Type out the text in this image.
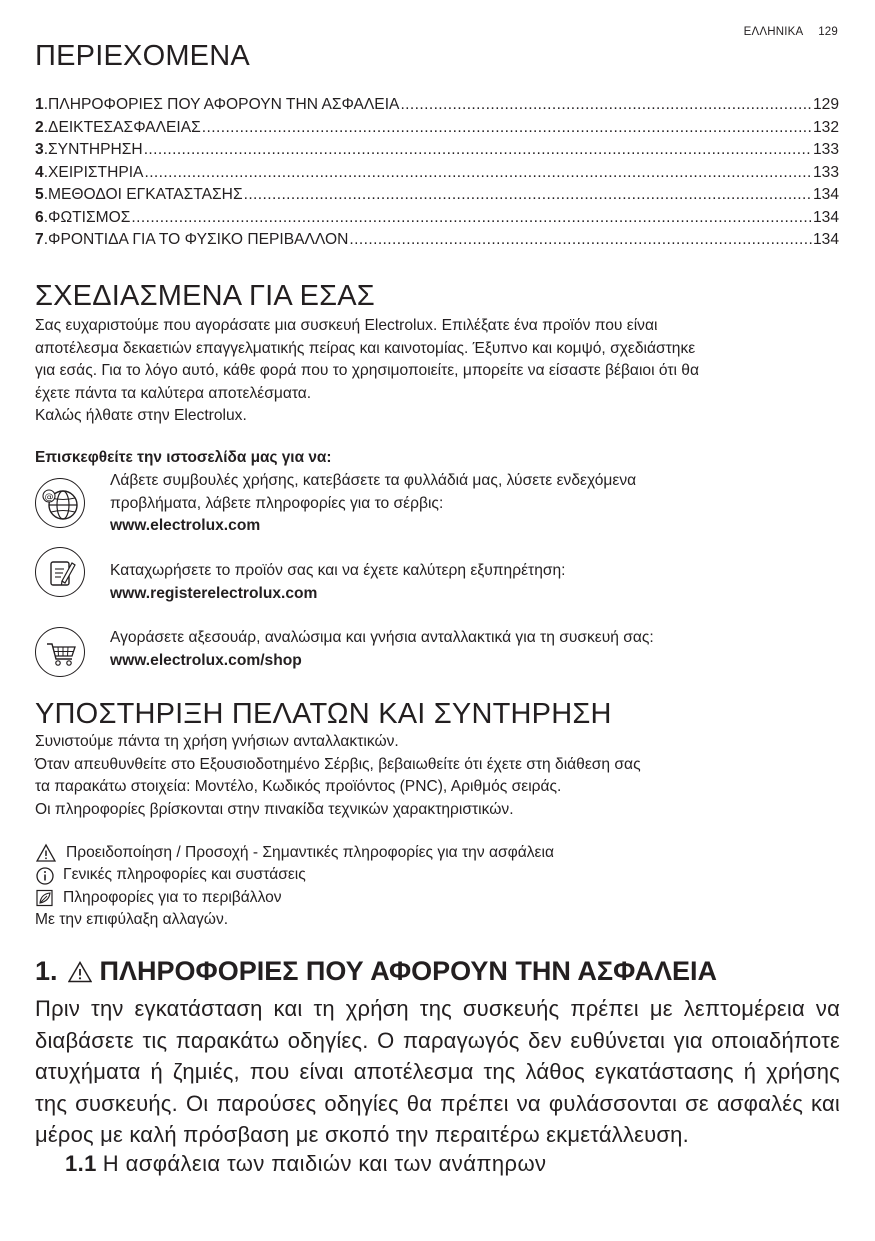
ΕΛΛΗΝΙΚΑ 129
ΠΕΡΙΕΧΟΜΕΝΑ
1 . ΠΛΗΡΟΦΟΡΙΕΣ ΠΟΥ ΑΦΟΡΟΥΝ ΤΗΝ ΑΣΦΑΛΕΙΑ .....	129
2 . ΔΕΙΚΤΕΣΑΣΦΑΛΕΙΑΣ .....	132
3 . ΣΥΝΤΗΡΗΣΗ .....	133
4 . ΧΕΙΡΙΣΤΗΡΙΑ .....	133
5 . ΜΕΘΟΔΟΙ ΕΓΚΑΤΑΣΤΑΣΗΣ .....	134
6 . ΦΩΤΙΣΜΟΣ .....	134
7 . ΦΡΟΝΤΙΔΑ ΓΙΑ ΤΟ ΦΥΣΙΚΟ ΠΕΡΙΒΑΛΛΟΝ .....	134
ΣΧΕΔΙΑΣΜΕΝΑ ΓΙΑ ΕΣΑΣ

Σας ευχαριστούμε που αγοράσατε μια συσκευή Electrolux. Επιλέξατε ένα προϊόν που είναι

αποτέλεσμα δεκαετιών επαγγελματικής πείρας και καινοτομίας. Έξυπνο και κομψό, σχεδιάστηκε

για εσάς. Για το λόγο αυτό, κάθε φορά που το χρησιμοποιείτε, μπορείτε να είσαστε βέβαιοι ότι θα

έχετε πάντα τα καλύτερα αποτελέσματα.

Καλώς ήλθατε στην Electrolux.

Επισκεφθείτε την ιστοσελίδα μας για να:
@
Λάβετε συμβουλές χρήσης, κατεβάσετε τα φυλλάδιά μας, λύσετε ενδεχόμενα
προβλήματα, λάβετε πληροφορίες για το σέρβις:
www.electrolux.com
Καταχωρήσετε το προϊόν σας και να έχετε καλύτερη εξυπηρέτηση:
www.registerelectrolux.com
Αγοράσετε αξεσουάρ, αναλώσιμα και γνήσια ανταλλακτικά για τη συσκευή σας:
www.electrolux.com/shop
ΥΠΟΣΤΗΡΙΞΗ ΠΕΛΑΤΩΝ ΚΑΙ ΣΥΝΤΗΡΗΣΗ

Συνιστούμε πάντα τη χρήση γνήσιων ανταλλακτικών.

Όταν απευθυνθείτε στο Εξουσιοδοτημένο Σέρβις, βεβαιωθείτε ότι έχετε στη διάθεση σας

τα παρακάτω στοιχεία: Μοντέλο, Κωδικός προϊόντος (PNC), Αριθμός σειράς.

Οι πληροφορίες βρίσκονται στην πινακίδα τεχνικών χαρακτηριστικών.

Προειδοποίηση / Προσοχή - Σημαντικές πληροφορίες για την ασφάλεια
Γενικές πληροφορίες και συστάσεις
Πληροφορίες για το περιβάλλον
Με την επιφύλαξη αλλαγών.
1. ΠΛΗΡΟΦΟΡΙΕΣ ΠΟΥ ΑΦΟΡΟΥΝ ΤΗΝ ΑΣΦΑΛΕΙΑ

Πριν την εγκατάσταση και τη χρήση της συσκευής πρέπει με λεπτομέρεια να διαβάσετε τις παρακάτω οδηγίες. Ο παραγωγός δεν ευθύνεται για οποιαδήποτε ατυχήματα ή ζημιές, που είναι αποτέλεσμα της λάθος εγκατάστασης ή χρήσης της συσκευής. Οι παρούσες οδηγίες θα πρέπει να φυλάσσονται σε ασφαλές και μέρος με καλή πρόσβαση με σκοπό την περαιτέρω εκμετάλλευση.

1.1 Η ασφάλεια των παιδιών και των ανάπηρων
